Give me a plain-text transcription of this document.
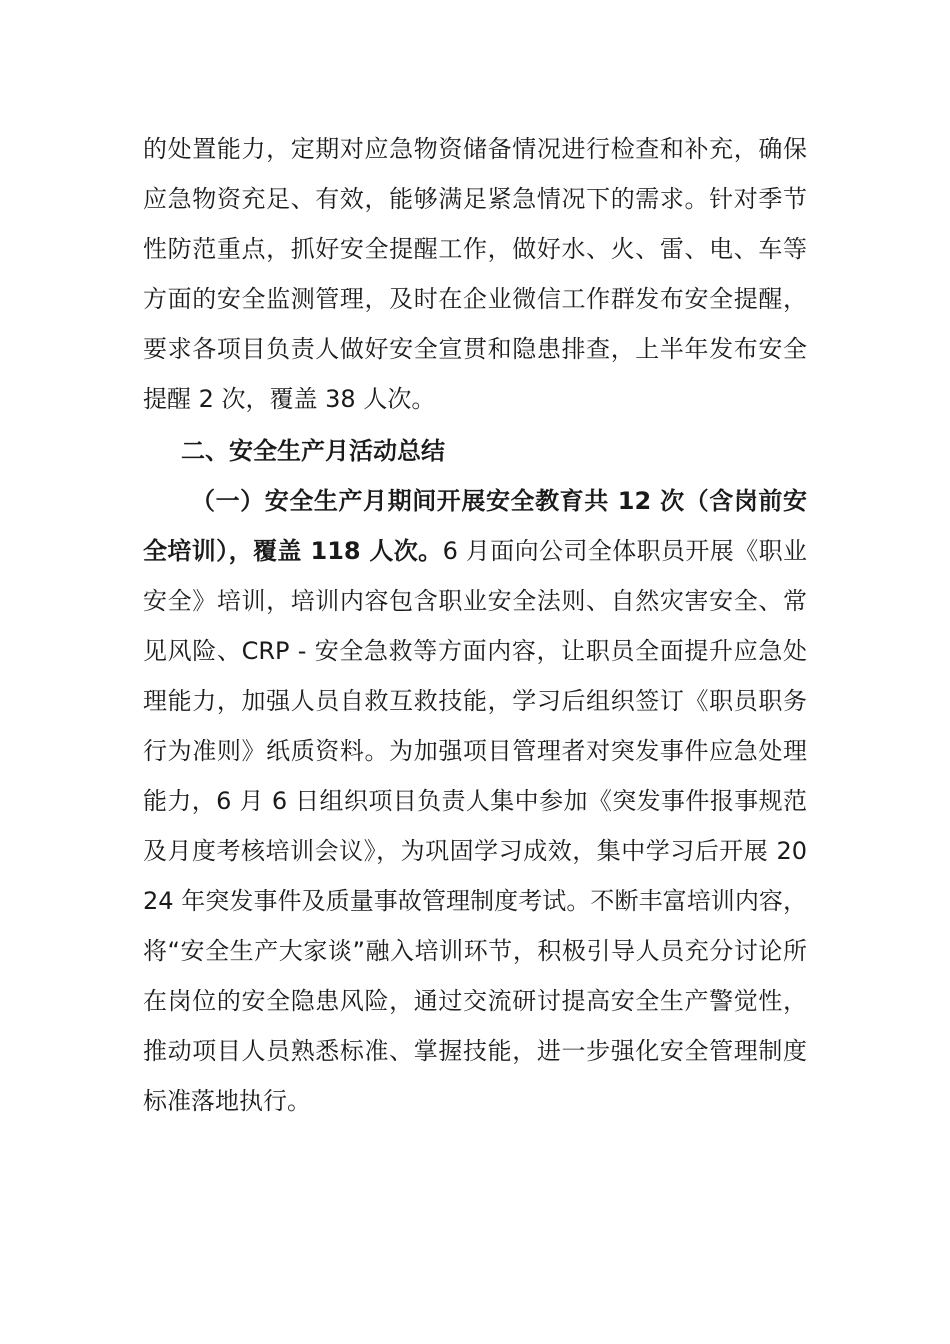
的处置能力，定期对应急物资储备情况进行检查和补充，确保应急物资充足、有效，能够满足紧急情况下的需求。针对季节性防范重点，抓好安全提醒工作，做好水、火、雷、电、车等方面的安全监测管理，及时在企业微信工作群发布安全提醒，要求各项目负责人做好安全宣贯和隐患排查，上半年发布安全提醒 2 次，覆盖 38 人次。

二、安全生产月活动总结

（一）安全生产月期间开展安全教育共 12 次（含岗前安全培训），覆盖 118 人次。6 月面向公司全体职员开展《职业安全》培训，培训内容包含职业安全法则、自然灾害安全、常见风险、CRP - 安全急救等方面内容，让职员全面提升应急处理能力，加强人员自救互救技能，学习后组织签订《职员职务行为准则》纸质资料。为加强项目管理者对突发事件应急处理能力，6 月 6 日组织项目负责人集中参加《突发事件报事规范及月度考核培训会议》，为巩固学习成效，集中学习后开展 2024 年突发事件及质量事故管理制度考试。不断丰富培训内容，将“安全生产大家谈”融入培训环节，积极引导人员充分讨论所在岗位的安全隐患风险，通过交流研讨提高安全生产警觉性，推动项目人员熟悉标准、掌握技能，进一步强化安全管理制度标准落地执行。
